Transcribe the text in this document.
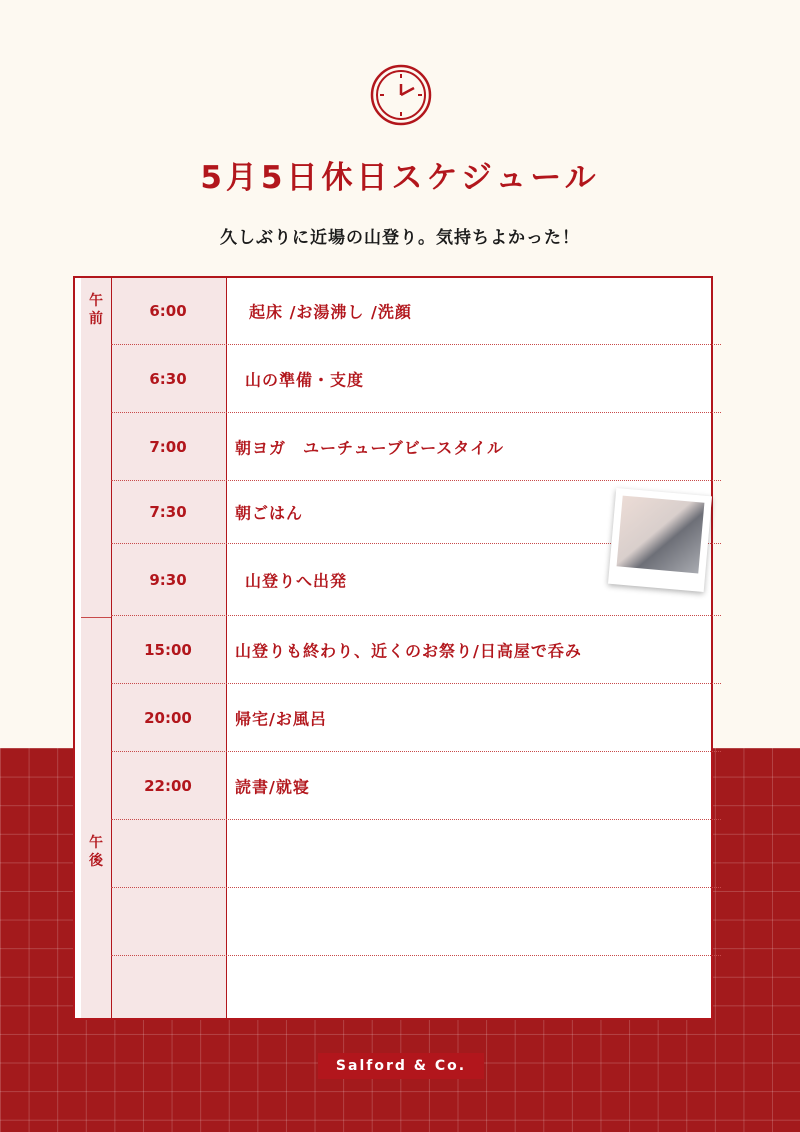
5月5日休日スケジュール
久しぶりに近場の山登り。気持ちよかった！
午
前
午
後
6:00	起床 /お湯沸し /洗顔
6:30	山の準備・支度
7:00	朝ヨガ　ユーチューブビースタイル
7:30	朝ごはん
9:30	山登りへ出発
15:00	山登りも終わり、近くのお祭り/日高屋で呑み
20:00	帰宅/お風呂
22:00	読書/就寝
Salford & Co.
